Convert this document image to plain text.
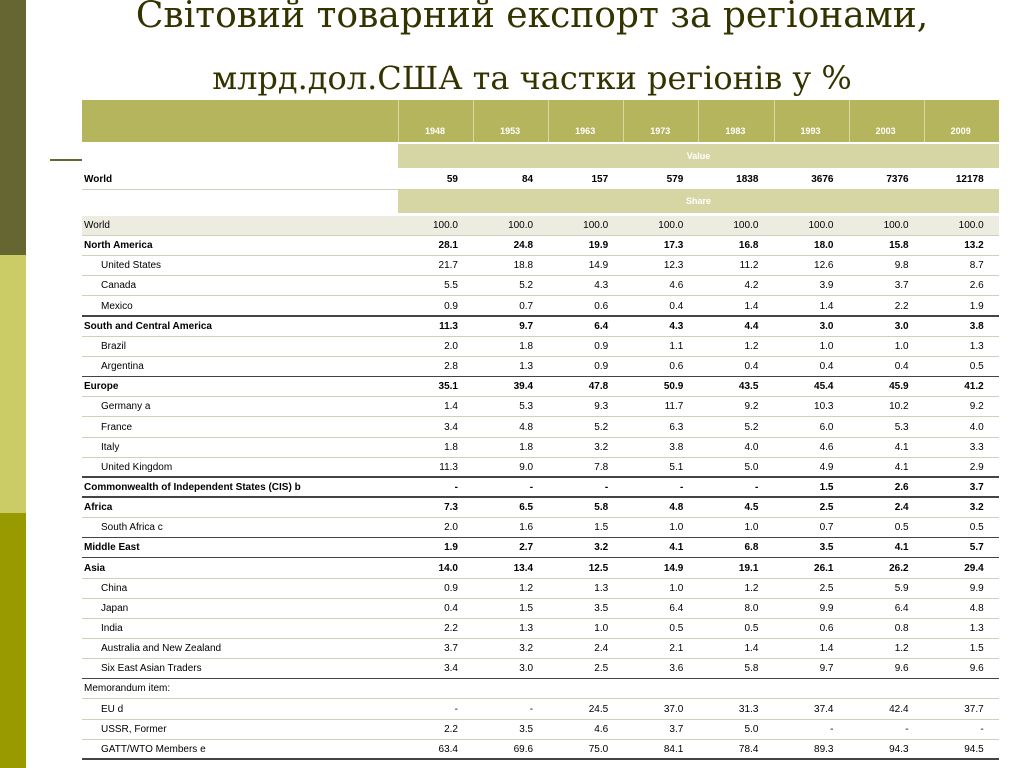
Світовий товарний експорт за регіонами,
млрд.дол.США та частки регіонів у %
1948	1953	1963	1973	1983	1993	2003	2009
Value
World	59	84	157	579	1838	3676	7376	12178
Share
World	100.0	100.0	100.0	100.0	100.0	100.0	100.0	100.0
North America	28.1	24.8	19.9	17.3	16.8	18.0	15.8	13.2
United States	21.7	18.8	14.9	12.3	11.2	12.6	9.8	8.7
Canada	5.5	5.2	4.3	4.6	4.2	3.9	3.7	2.6
Mexico	0.9	0.7	0.6	0.4	1.4	1.4	2.2	1.9
South and Central America	11.3	9.7	6.4	4.3	4.4	3.0	3.0	3.8
Brazil	2.0	1.8	0.9	1.1	1.2	1.0	1.0	1.3
Argentina	2.8	1.3	0.9	0.6	0.4	0.4	0.4	0.5
Europe	35.1	39.4	47.8	50.9	43.5	45.4	45.9	41.2
Germany a	1.4	5.3	9.3	11.7	9.2	10.3	10.2	9.2
France	3.4	4.8	5.2	6.3	5.2	6.0	5.3	4.0
Italy	1.8	1.8	3.2	3.8	4.0	4.6	4.1	3.3
United Kingdom	11.3	9.0	7.8	5.1	5.0	4.9	4.1	2.9
Commonwealth of Independent States (CIS) b	-	-	-	-	-	1.5	2.6	3.7
Africa	7.3	6.5	5.8	4.8	4.5	2.5	2.4	3.2
South Africa c	2.0	1.6	1.5	1.0	1.0	0.7	0.5	0.5
Middle East	1.9	2.7	3.2	4.1	6.8	3.5	4.1	5.7
Asia	14.0	13.4	12.5	14.9	19.1	26.1	26.2	29.4
China	0.9	1.2	1.3	1.0	1.2	2.5	5.9	9.9
Japan	0.4	1.5	3.5	6.4	8.0	9.9	6.4	4.8
India	2.2	1.3	1.0	0.5	0.5	0.6	0.8	1.3
Australia and New Zealand	3.7	3.2	2.4	2.1	1.4	1.4	1.2	1.5
Six East Asian Traders	3.4	3.0	2.5	3.6	5.8	9.7	9.6	9.6
Memorandum item:
EU d	-	-	24.5	37.0	31.3	37.4	42.4	37.7
USSR, Former	2.2	3.5	4.6	3.7	5.0	-	-	-
GATT/WTO Members e	63.4	69.6	75.0	84.1	78.4	89.3	94.3	94.5
